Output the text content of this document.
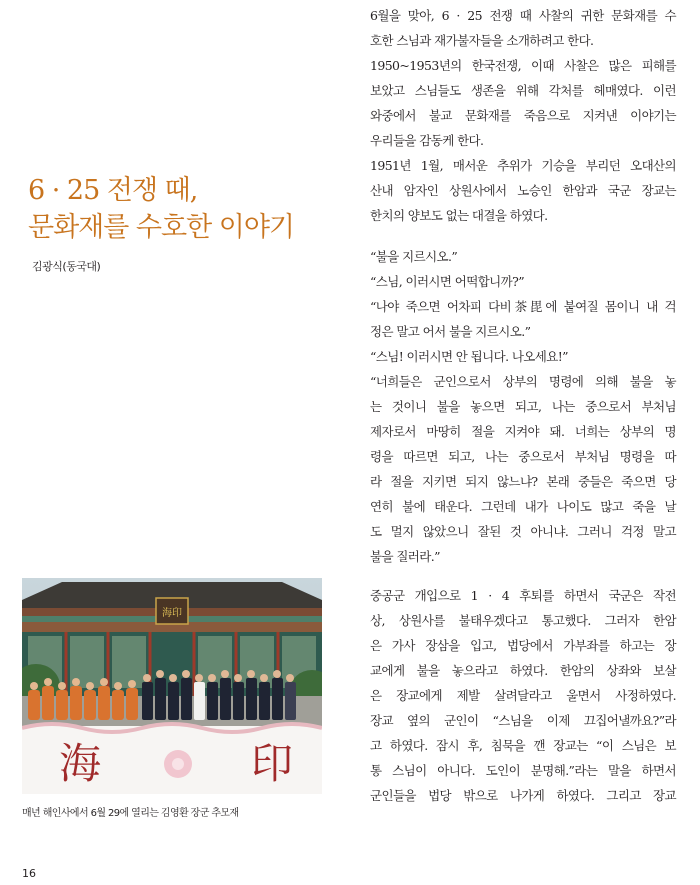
6 · 25 전쟁 때,
문화재를 수호한 이야기
김광식(동국대)
海印
海	印
매년 해인사에서 6월 29에 열리는 김영환 장군 추모재
16
6월을 맞아, 6 · 25 전쟁 때 사찰의 귀한 문화재를 수
호한 스님과 재가불자들을 소개하려고 한다.
1950~1953년의 한국전쟁, 이때 사찰은 많은 피해를
보았고 스님들도 생존을 위해 각처를 헤매였다. 이런
와중에서 불교 문화재를 죽음으로 지켜낸 이야기는
우리들을 감동케 한다.
1951년 1월, 매서운 추위가 기승을 부리던 오대산의
산내 암자인 상원사에서 노승인 한암과 국군 장교는
한치의 양보도 없는 대결을 하였다.
“불을 지르시오.”
“스님, 이러시면 어떡합니까?”
“나야 죽으면 어차피 다비茶毘에 붙여질 몸이니 내 걱
정은 말고 어서 불을 지르시오.”
“스님! 이러시면 안 됩니다. 나오세요!”
“너희들은 군인으로서 상부의 명령에 의해 불을 놓
는 것이니 불을 놓으면 되고, 나는 중으로서 부처님
제자로서 마땅히 절을 지켜야 돼. 너희는 상부의 명
령을 따르면 되고, 나는 중으로서 부처님 명령을 따
라 절을 지키면 되지 않느냐? 본래 중들은 죽으면 당
연히 불에 태운다. 그런데 내가 나이도 많고 죽을 날
도 멀지 않았으니 잘된 것 아니냐. 그러니 걱정 말고
불을 질러라.”
중공군 개입으로 1 · 4 후퇴를 하면서 국군은 작전
상, 상원사를 불태우겠다고 통고했다. 그러자 한암
은 가사 장삼을 입고, 법당에서 가부좌를 하고는 장
교에게 불을 놓으라고 하였다. 한암의 상좌와 보살
은 장교에게 제발 살려달라고 울면서 사정하였다.
장교 옆의 군인이 “스님을 이제 끄집어낼까요?”라
고 하였다. 잠시 후, 침묵을 깬 장교는 “이 스님은 보
통 스님이 아니다. 도인이 분명해.”라는 말을 하면서
군인들을 법당 밖으로 나가게 하였다. 그리고 장교
